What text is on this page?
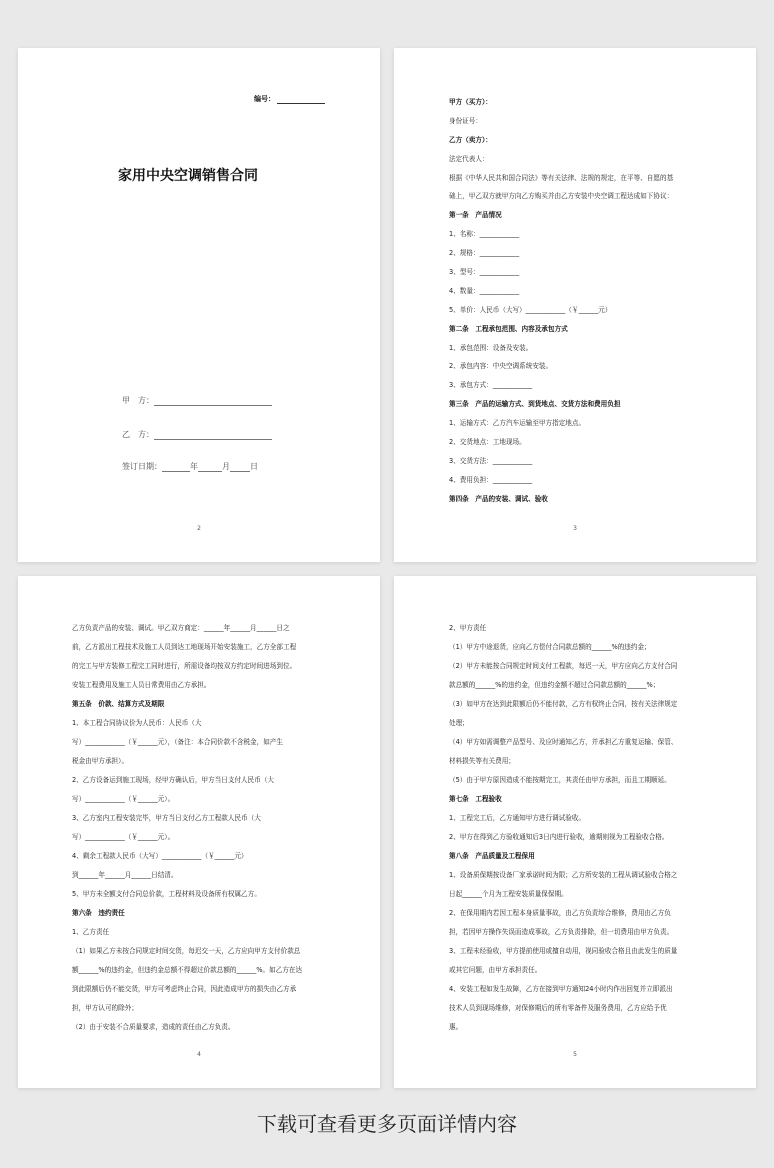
编号：
家用中央空调销售合同
甲　方：
乙　方：
签订日期：	年	月	日
2
甲方（买方）：
身份证号：
乙方（卖方）：
法定代表人：
根据《中华人民共和国合同法》等有关法律、法规的规定，在平等、自愿的基
础上，甲乙双方就甲方向乙方购买并由乙方安装中央空调工程达成如下协议：
第一条　产品情况
1、名称：____________
2、规格：____________
3、型号：____________
4、数量：____________
5、单价：人民币（大写）____________（￥______元）
第二条　工程承包范围、内容及承包方式
1、承包范围：设备及安装。
2、承包内容：中央空调系统安装。
3、承包方式：____________
第三条　产品的运输方式、到货地点、交货方法和费用负担
1、运输方式：乙方汽车运输至甲方指定地点。
2、交货地点：工地现场。
3、交货方法：____________
4、费用负担：____________
第四条　产品的安装、调试、验收
3
乙方负责产品的安装、调试。甲乙双方商定：______年______月______日之
前，乙方派出工程技术及施工人员到达工地现场开始安装施工，乙方全部工程
的完工与甲方装修工程完工同时进行，所需设备均按双方约定时间进场到位。
安装工程费用及施工人员日常费用由乙方承担。
第五条　价款、结算方式及期限
1、本工程合同协议价为人民币：人民币（大
写）____________（￥______元），（备注：本合同价款不含税金，如产生
税金由甲方承担）。
2、乙方设备运到施工现场，经甲方确认后，甲方当日支付人民币（大
写）____________（￥______元）。
3、乙方室内工程安装完毕，甲方当日支付乙方工程款人民币（大
写）____________（￥______元）。
4、剩余工程款人民币（大写）____________（￥______元）
到______年______月______日结清。
5、甲方未全额支付合同总价款，工程材料及设备所有权属乙方。
第六条　违约责任
1、乙方责任
（1）如果乙方未按合同规定时间交货，每迟交一天，乙方应向甲方支付价款总
额______%的违约金，但违约金总额不得超过价款总额的______%。如乙方在达
到此限额后仍不能交货，甲方可考虑终止合同，因此造成甲方的损失由乙方承
担，甲方认可的除外；
（2）由于安装不合质量要求，造成的责任由乙方负责。
4
2、甲方责任
（1）甲方中途退货，应向乙方偿付合同款总额的______%的违约金；
（2）甲方未能按合同规定时间支付工程款，每迟一天，甲方应向乙方支付合同
款总额的______%的违约金，但违约金额不超过合同款总额的______%；
（3）如甲方在达到此限额后仍不能付款，乙方有权终止合同，按有关法律规定
处理；
（4）甲方如需调整产品型号、及应时通知乙方，并承担乙方重复运输、保管、
材料损失等有关费用；
（5）由于甲方原因造成不能按期完工，其责任由甲方承担，而且工期顺延。
第七条　工程验收
1、工程完工后，乙方通知甲方进行调试验收。
2、甲方在得到乙方验收通知后3日内进行验收，逾期则视为工程验收合格。
第八条　产品质量及工程保用
1、设备质保期按设备厂家承诺时间为限；乙方所安装的工程从调试验收合格之
日起______个月为工程安装质量保保期。
2、在保用期内若因工程本身质量事故，由乙方负责综合维修，费用由乙方负
担，若因甲方操作失误而造成事故，乙方负责排除，但一切费用由甲方负责。
3、工程未经验收，甲方提前使用或擅自动用，视同验收合格且由此发生的质量
或其它问题，由甲方承担责任。
4、安装工程如发生故障，乙方在接到甲方通知24小时内作出回复并立即派出
技术人员到现场维修，对保修期后的所有零备件及服务费用，乙方应给予优
惠。
5
下载可查看更多页面详情内容
